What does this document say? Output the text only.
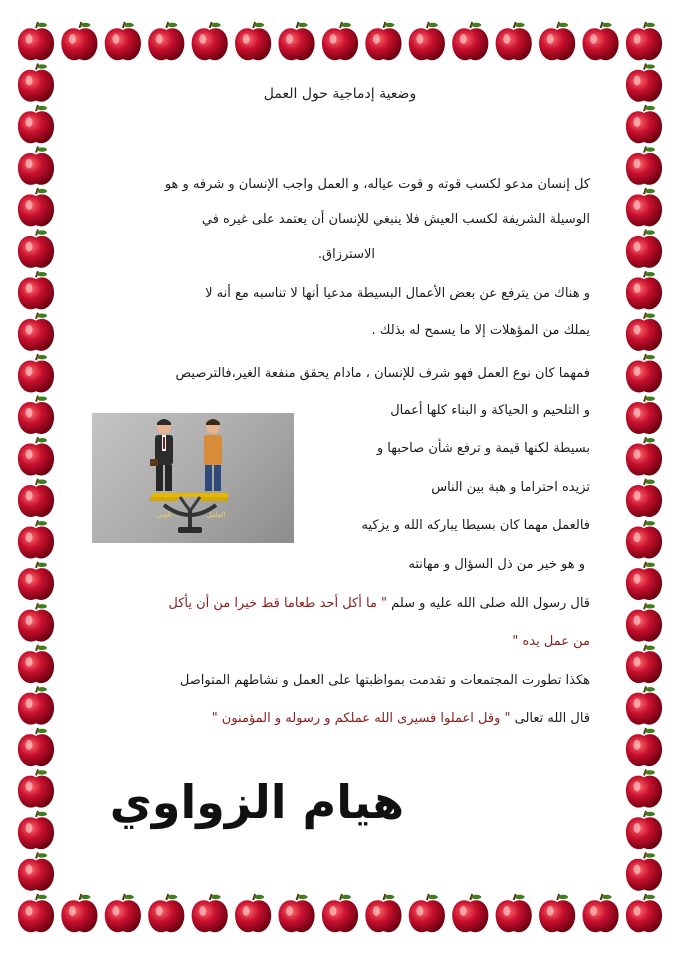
وضعية إدماجية حول العمل
كل إنسان مدعو لكسب قوته و قوت عياله، و العمل واجب الإنسان و شرفه و هو
الوسيلة الشريفة لكسب العيش فلا ينبغي للإنسان أن يعتمد على غيره في
الاسترزاق.
و هناك من يترفع عن بعض الأعمال البسيطة مدعيا أنها لا تناسبه مع أنه لا
يملك من المؤهلات إلا ما يسمح له بذلك .
فمهما كان نوع العمل فهو شرف للإنسان ، مادام يحقق منفعة الغير،فالترصيص
و التلحيم و الحياكة و البناء كلها أعمال
بسيطة لكنها قيمة و ترفع شأن صاحبها و
تزيده احتراما و هبة بين الناس
فالعمل مهما كان بسيطا يباركه الله و يزكيه
و هو خير من ذل السؤال و مهانته
قال رسول الله صلى الله عليه و سلم " ما أكل أحد طعاما قط خيرا من أن يأكل
من عمل يده "
هكذا تطورت المجتمعات و تقدمت بمواظبتها على العمل و نشاطهم المتواصل
قال الله تعالى " وقل اعملوا فسيرى الله عملكم و رسوله و المؤمنون "
الغني	العامل
هيام الزواوي
